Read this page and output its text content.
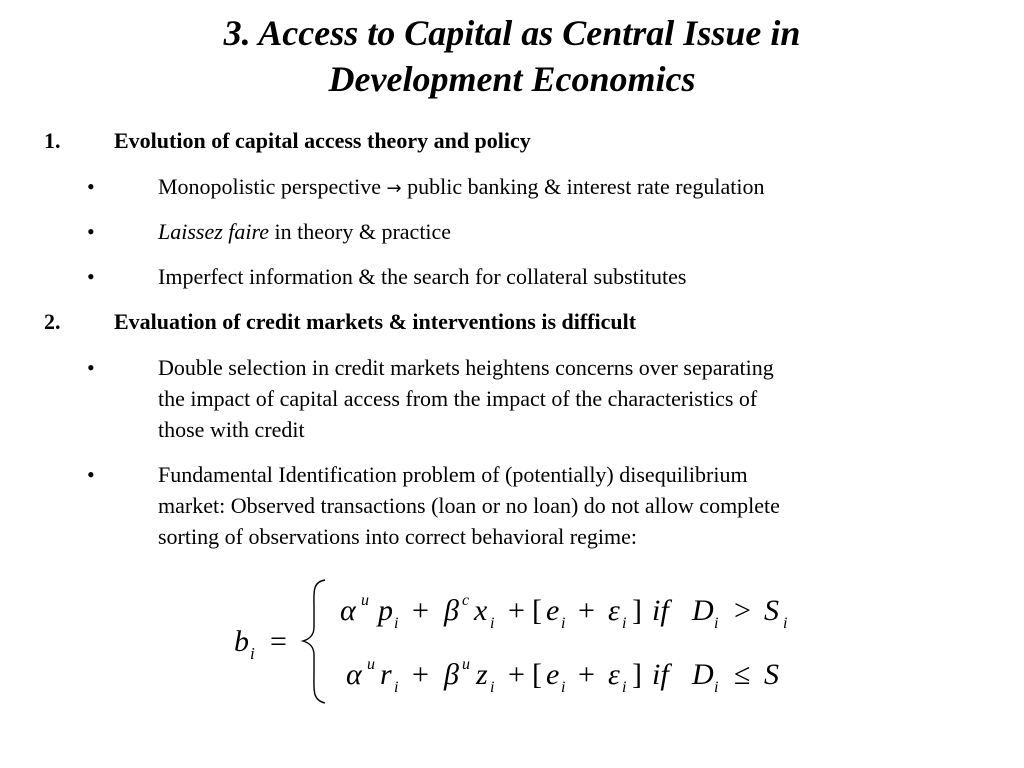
3. Access to Capital as Central Issue in
Development Economics
1. Evolution of capital access theory and policy
•	Monopolistic perspective → public banking & interest rate regulation
•	Laissez faire in theory & practice
•	Imperfect information & the search for collateral substitutes
2. Evaluation of credit markets & interventions is difficult
•	Double selection in credit markets heightens concerns over separating
the impact of capital access from the impact of the characteristics of
those with credit
•	Fundamental Identification problem of (potentially) disequilibrium
market: Observed transactions (loan or no loan) do not allow complete
sorting of observations into correct behavioral regime:
b i =
α u p i + β c x i + [ e i + ε i ] if D i > S i
α u r i + β u z i + [ e i + ε i ] if D i ≤ S
